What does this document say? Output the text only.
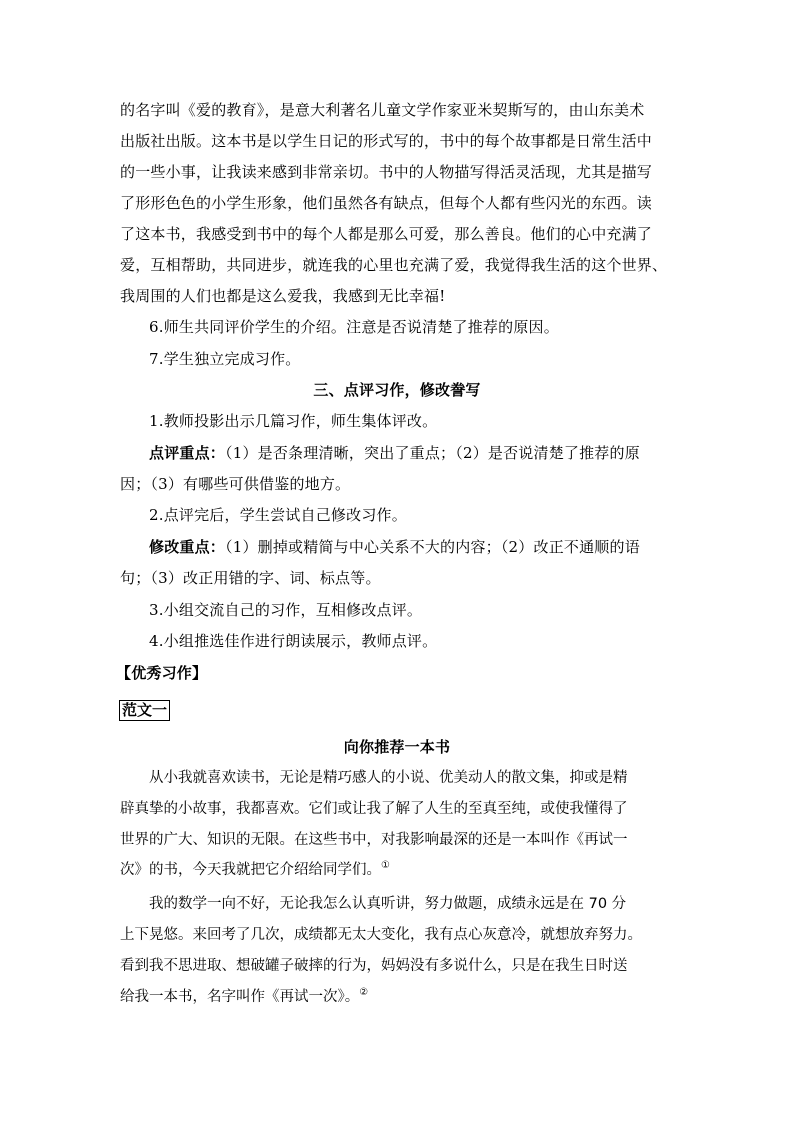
的名字叫《爱的教育》，是意大利著名儿童文学作家亚米契斯写的，由山东美术
出版社出版。这本书是以学生日记的形式写的，书中的每个故事都是日常生活中
的一些小事，让我读来感到非常亲切。书中的人物描写得活灵活现，尤其是描写
了形形色色的小学生形象，他们虽然各有缺点，但每个人都有些闪光的东西。读
了这本书，我感受到书中的每个人都是那么可爱，那么善良。他们的心中充满了
爱，互相帮助，共同进步，就连我的心里也充满了爱，我觉得我生活的这个世界、
我周围的人们也都是这么爱我，我感到无比幸福!
6.师生共同评价学生的介绍。注意是否说清楚了推荐的原因。
7.学生独立完成习作。
三、点评习作，修改誊写
1.教师投影出示几篇习作，师生集体评改。
点评重点：（1）是否条理清晰，突出了重点；（2）是否说清楚了推荐的原
因；（3）有哪些可供借鉴的地方。
2.点评完后，学生尝试自己修改习作。
修改重点：（1）删掉或精简与中心关系不大的内容；（2）改正不通顺的语
句；（3）改正用错的字、词、标点等。
3.小组交流自己的习作，互相修改点评。
4.小组推选佳作进行朗读展示，教师点评。
【优秀习作】
范文一
向你推荐一本书
从小我就喜欢读书，无论是精巧感人的小说、优美动人的散文集，抑或是精
辟真挚的小故事，我都喜欢。它们或让我了解了人生的至真至纯，或使我懂得了
世界的广大、知识的无限。在这些书中，对我影响最深的还是一本叫作《再试一
次》的书，今天我就把它介绍给同学们。①
我的数学一向不好，无论我怎么认真听讲，努力做题，成绩永远是在 70 分
上下晃悠。来回考了几次，成绩都无太大变化，我有点心灰意冷，就想放弃努力。
看到我不思进取、想破罐子破摔的行为，妈妈没有多说什么，只是在我生日时送
给我一本书，名字叫作《再试一次》。②
